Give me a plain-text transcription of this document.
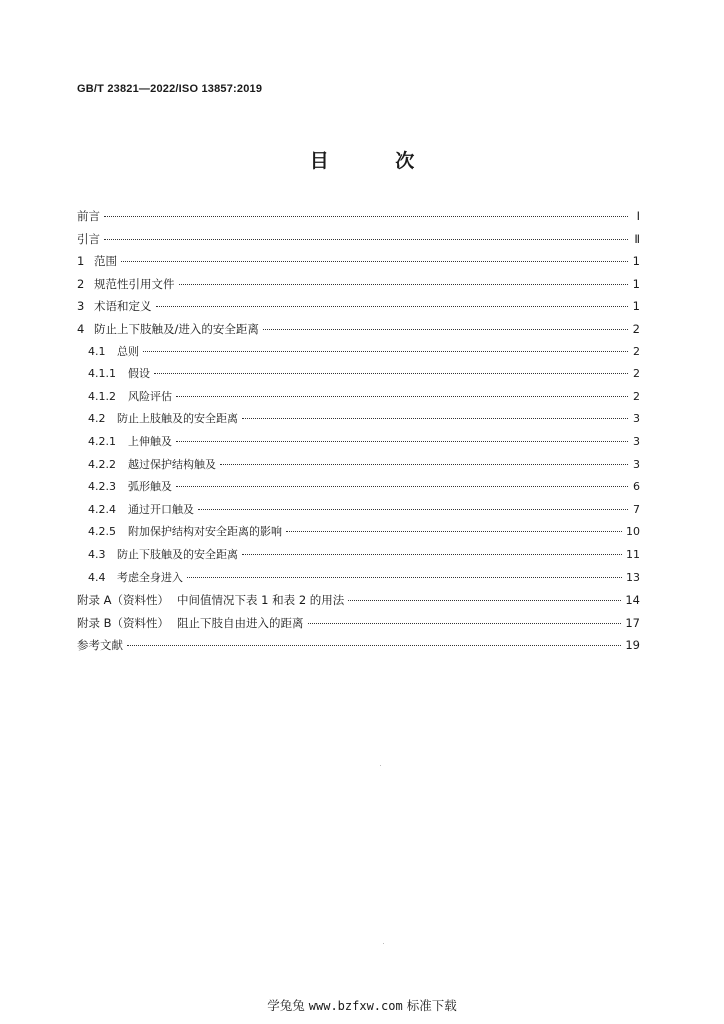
GB/T 23821—2022/ISO 13857:2019
目 次
前言	Ⅰ
引言	Ⅱ
1 范围	1
2 规范性引用文件	1
3 术语和定义	1
4 防止上下肢触及/进入的安全距离	2
4.1	总则	2
4.1.1	假设	2
4.1.2	风险评估	2
4.2	防止上肢触及的安全距离	3
4.2.1	上伸触及	3
4.2.2	越过保护结构触及	3
4.2.3	弧形触及	6
4.2.4	通过开口触及	7
4.2.5	附加保护结构对安全距离的影响	10
4.3	防止下肢触及的安全距离	11
4.4	考虑全身进入	13
附录 A（资料性） 中间值情况下表 1 和表 2 的用法	14
附录 B（资料性） 阻止下肢自由进入的距离	17
参考文献	19
学兔兔 www.bzfxw.com 标准下载
